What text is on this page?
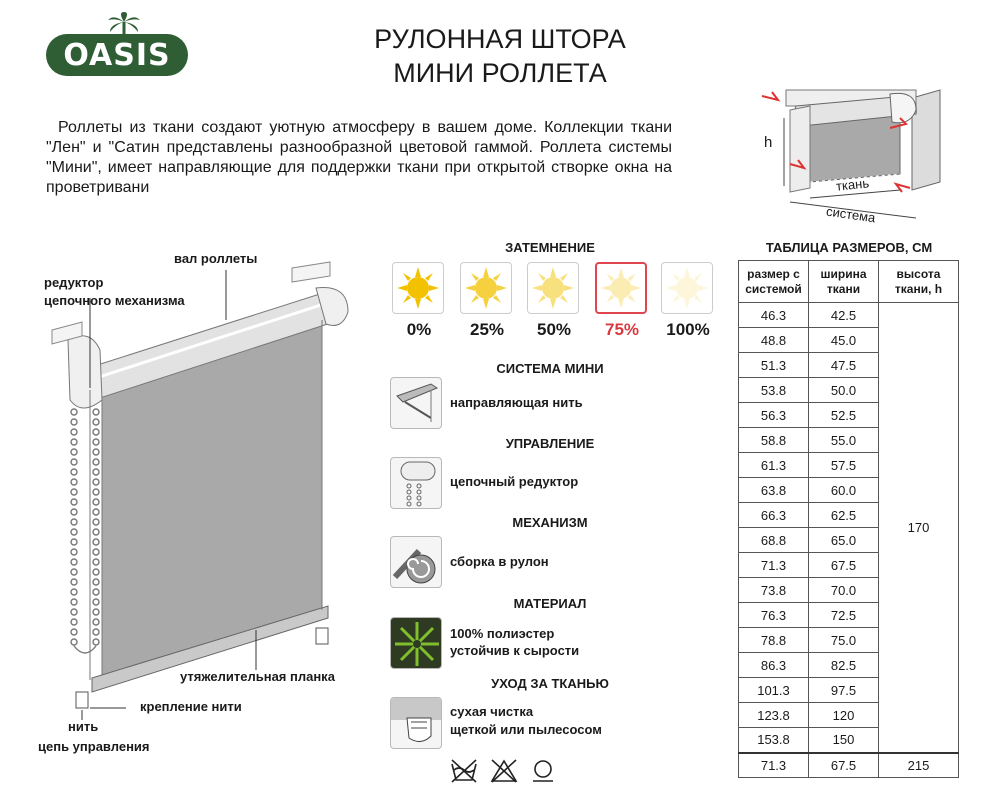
OASIS	РУЛОННАЯ ШТОРА
МИНИ РОЛЛЕТА

Роллеты из ткани создают уютную атмосферу в вашем доме. Коллекции ткани "Лен" и "Сатин представлены разнообразной цветовой гаммой. Роллета системы "Мини", имеет направляющие для поддержки ткани при открытой створке окна на проветривани

вал роллеты
редуктор
цепочного механизма
утяжелительная планка
крепление нити
нить
цепь управления
ЗАТЕМНЕНИЕ
0%	25%	50%	75%	100%
СИСТЕМА МИНИ
направляющая нить
УПРАВЛЕНИЕ
цепочный редуктор
МЕХАНИЗМ
сборка в рулон
МАТЕРИАЛ
100% полиэстер
устойчив к сырости
УХОД ЗА ТКАНЬЮ
сухая чистка
щеткой или пылесосом
h
ткань
система
ТАБЛИЦА РАЗМЕРОВ, СМ
размер с системой	ширина ткани	высота ткани, h
46.3	42.5	170
48.8	45.0	
51.3	47.5	
53.8	50.0	
56.3	52.5	
58.8	55.0	
61.3	57.5	
63.8	60.0	
66.3	62.5	
68.8	65.0	
71.3	67.5	
73.8	70.0	
76.3	72.5	
78.8	75.0	
86.3	82.5	
101.3	97.5	
123.8	120	
153.8	150	
71.3	67.5	215
